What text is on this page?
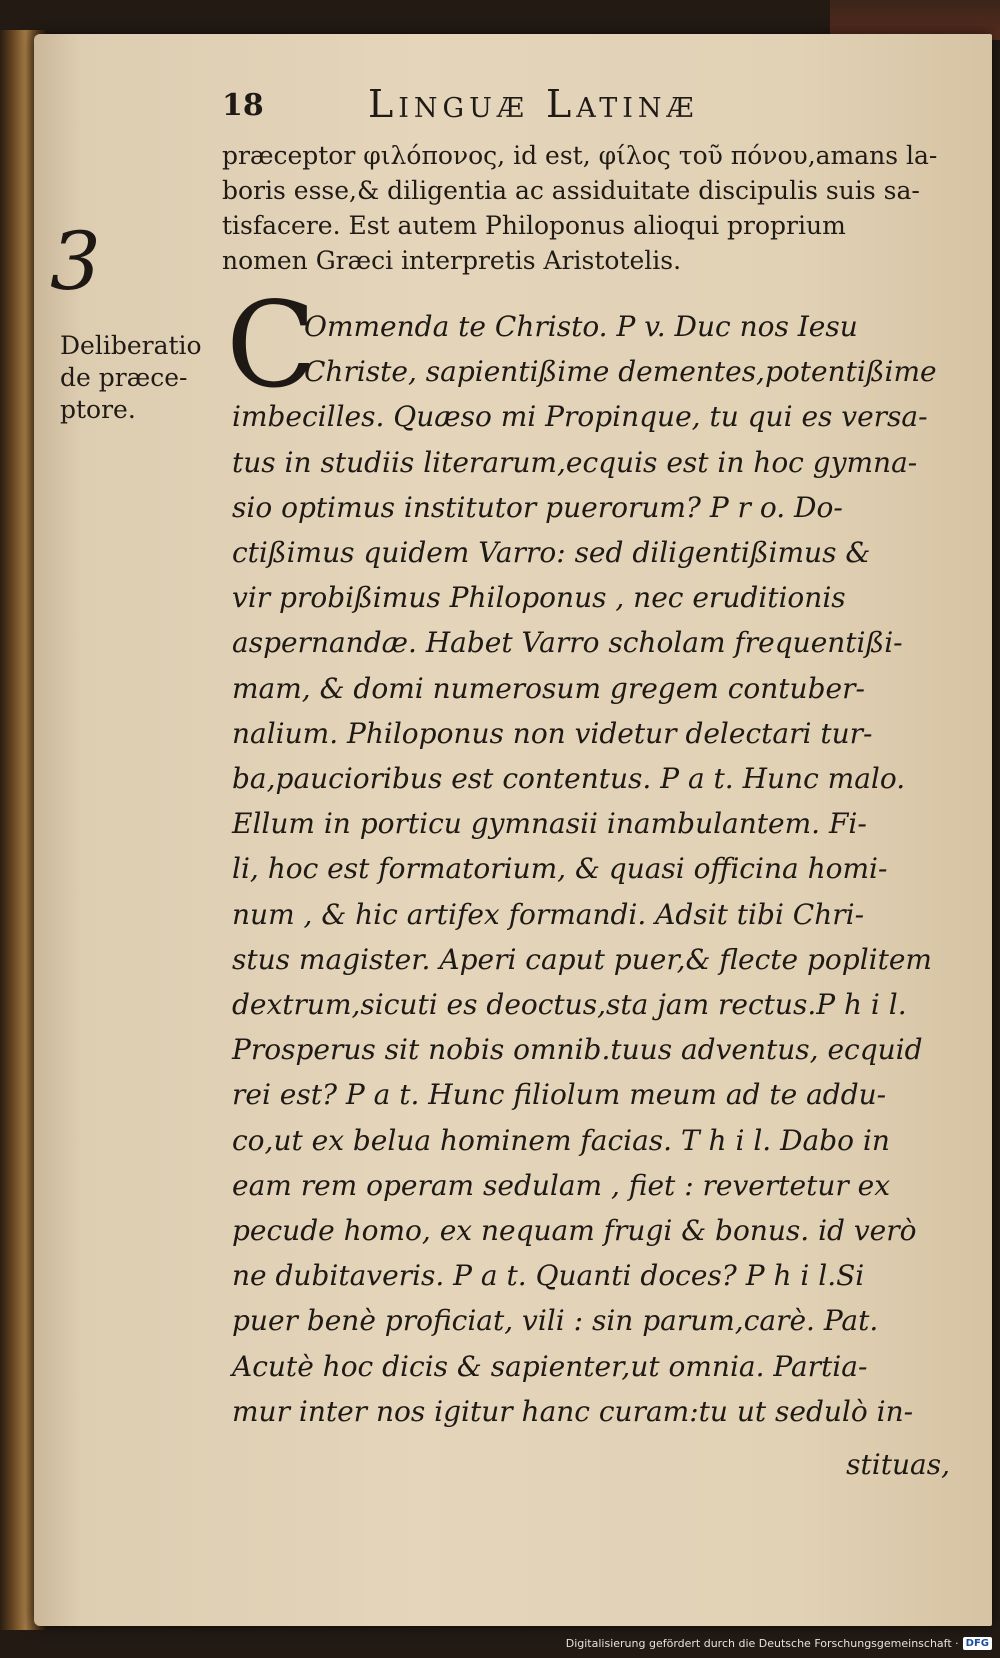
18	Linguæ Latinæ
præceptor φιλόπονος, id est, φίλος τοῦ πόνου,amans la-
boris esse,& diligentia ac assiduitate discipulis suis sa-
tisfacere. Est autem Philoponus alioqui proprium
nomen Græci interpretis Aristotelis.
3
Deliberatio
de præce-
ptore. C
Ommenda te Christo. P v. Duc nos Iesu
Christe, sapientißime dementes,potentißime
imbecilles. Quæso mi Propinque, tu qui es versa-
tus in studiis literarum,ecquis est in hoc gymna-
sio optimus institutor puerorum? P r o. Do-
ctißimus quidem Varro: sed diligentißimus &
vir probißimus Philoponus , nec eruditionis
aspernandæ. Habet Varro scholam frequentißi-
mam, & domi numerosum gregem contuber-
nalium. Philoponus non videtur delectari tur-
ba,paucioribus est contentus. P a t. Hunc malo.
Ellum in porticu gymnasii inambulantem. Fi-
li, hoc est formatorium, & quasi officina homi-
num , & hic artifex formandi. Adsit tibi Chri-
stus magister. Aperi caput puer,& flecte poplitem
dextrum,sicuti es deoctus,sta jam rectus.P h i l.
Prosperus sit nobis omnib.tuus adventus, ecquid
rei est? P a t. Hunc filiolum meum ad te addu-
co,ut ex belua hominem facias. T h i l. Dabo in
eam rem operam sedulam , fiet : revertetur ex
pecude homo, ex nequam frugi & bonus. id verò
ne dubitaveris. P a t. Quanti doces? P h i l.Si
puer benè proficiat, vili : sin parum,carè. Pat.
Acutè hoc dicis & sapienter,ut omnia. Partia-
mur inter nos igitur hanc curam:tu ut sedulò in-
stituas,
Digitalisierung gefördert durch die Deutsche Forschungsgemeinschaft · DFG
